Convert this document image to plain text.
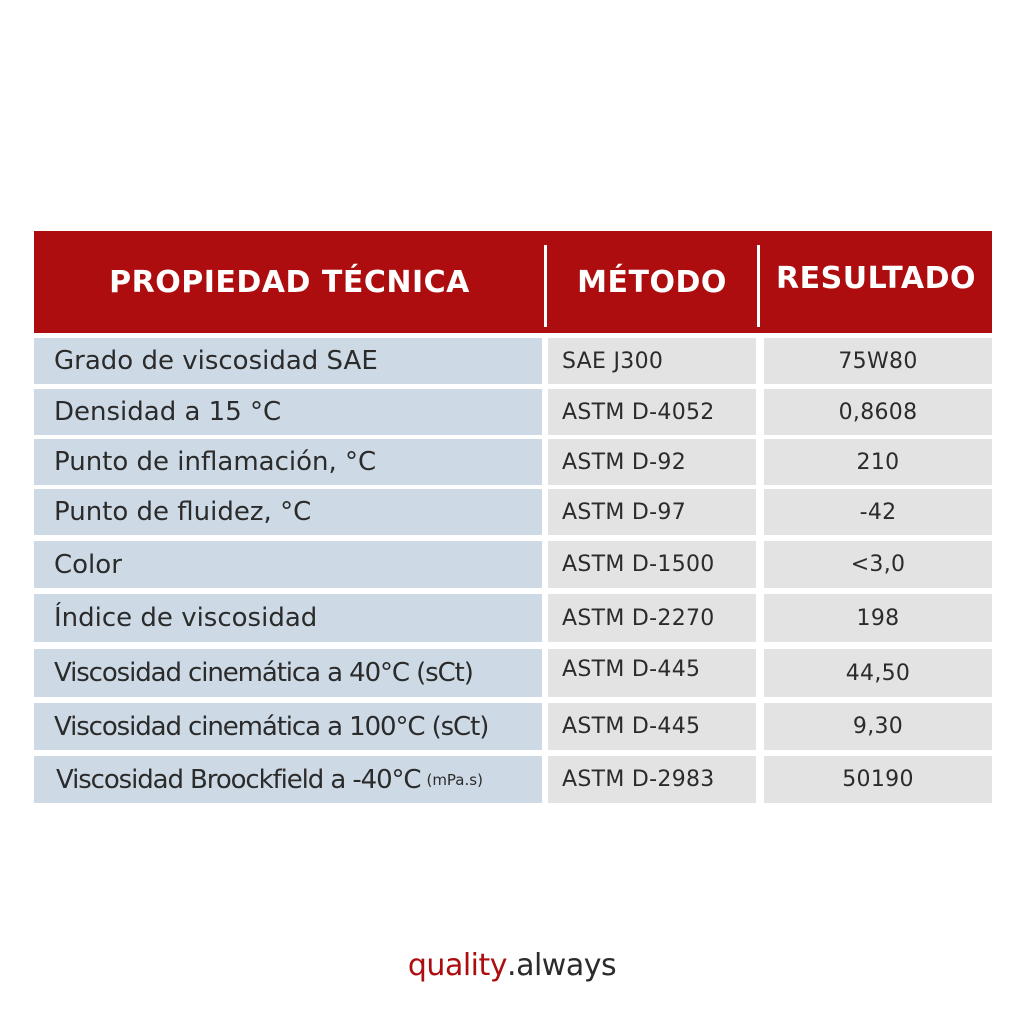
PROPIEDAD TÉCNICA	MÉTODO	RESULTADO
Grado de viscosidad SAE	SAE J300	75W80
Densidad a 15 °C	ASTM D-4052	0,8608
Punto de inflamación, °C	ASTM D-92	210
Punto de fluidez, °C	ASTM D-97	-42
Color	ASTM D-1500	<3,0
Índice de viscosidad	ASTM D-2270	198
Viscosidad cinemática a 40°C (sCt)	ASTM D-445	44,50
Viscosidad cinemática a 100°C (sCt)	ASTM D-445	9,30
Viscosidad Broockfield a -40°C (mPa.s)	ASTM D-2983	50190
quality .always
